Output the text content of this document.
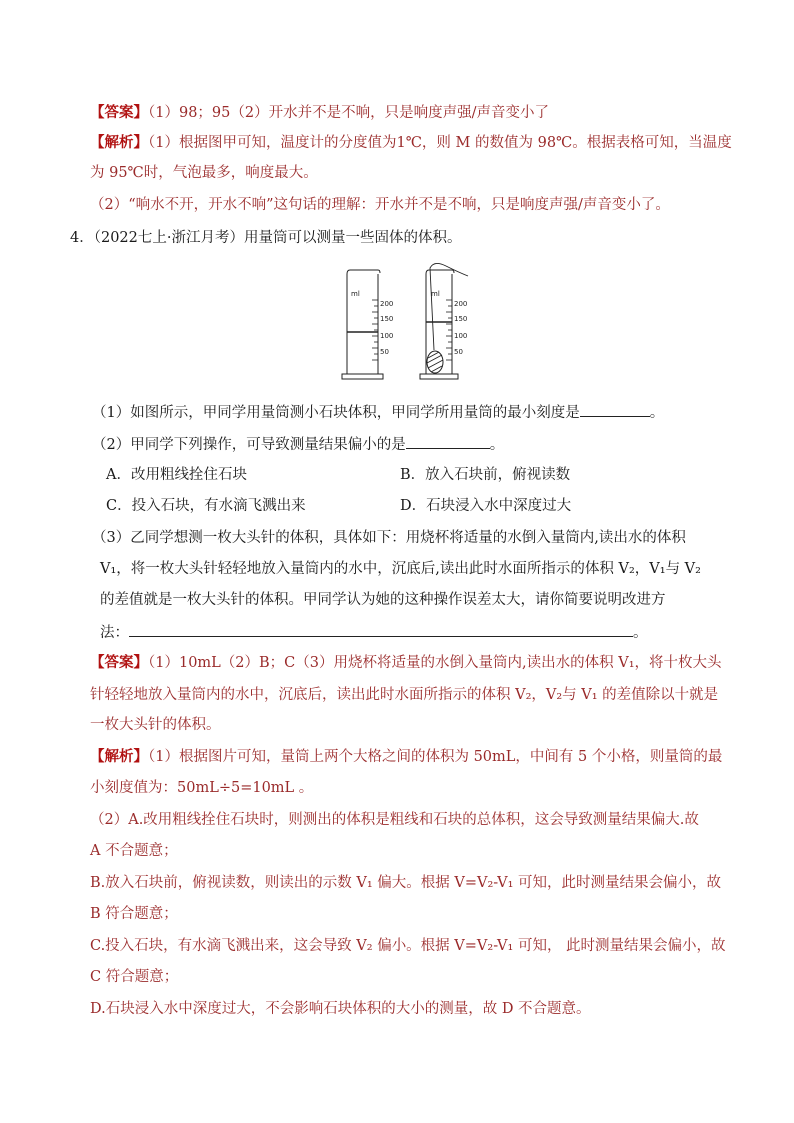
【答案】（1）98；95（2）开水并不是不响，只是响度声强/声音变小了
【解析】（1）根据图甲可知，温度计的分度值为1℃，则 M 的数值为 98℃。根据表格可知，当温度
为 95℃时，气泡最多，响度最大。
（2）“响水不开，开水不响”这句话的理解：开水并不是不响，只是响度声强/声音变小了。
4．（2022七上·浙江月考）用量筒可以测量一些固体的体积。
ml
200
150
100
50
ml
200
150
100
50
（1）如图所示，甲同学用量筒测小石块体积，甲同学所用量筒的最小刻度是	。
（2）甲同学下列操作，可导致测量结果偏小的是	。
A．改用粗线拴住石块	B．放入石块前，俯视读数
C．投入石块，有水滴飞溅出来	D．石块浸入水中深度过大
（3）乙同学想测一枚大头针的体积，具体如下：用烧杯将适量的水倒入量筒内,读出水的体积
V₁，将一枚大头针轻轻地放入量筒内的水中，沉底后,读出此时水面所指示的体积 V₂，V₁与 V₂
的差值就是一枚大头针的体积。甲同学认为她的这种操作误差太大，请你简要说明改进方
法：	。
【答案】（1）10mL（2）B；C（3）用烧杯将适量的水倒入量筒内,读出水的体积 V₁，将十枚大头
针轻轻地放入量筒内的水中，沉底后，读出此时水面所指示的体积 V₂，V₂与 V₁ 的差值除以十就是
一枚大头针的体积。
【解析】（1）根据图片可知，量筒上两个大格之间的体积为 50mL，中间有 5 个小格，则量筒的最
小刻度值为：50mL÷5=10mL 。
（2）A.改用粗线拴住石块时，则测出的体积是粗线和石块的总体积，这会导致测量结果偏大.故
A 不合题意；
B.放入石块前，俯视读数，则读出的示数 V₁ 偏大。根据 V=V₂-V₁ 可知，此时测量结果会偏小，故
B 符合题意；
C.投入石块，有水滴飞溅出来，这会导致 V₂ 偏小。根据 V=V₂-V₁ 可知， 此时测量结果会偏小，故
C 符合题意；
D.石块浸入水中深度过大，不会影响石块体积的大小的测量，故 D 不合题意。
